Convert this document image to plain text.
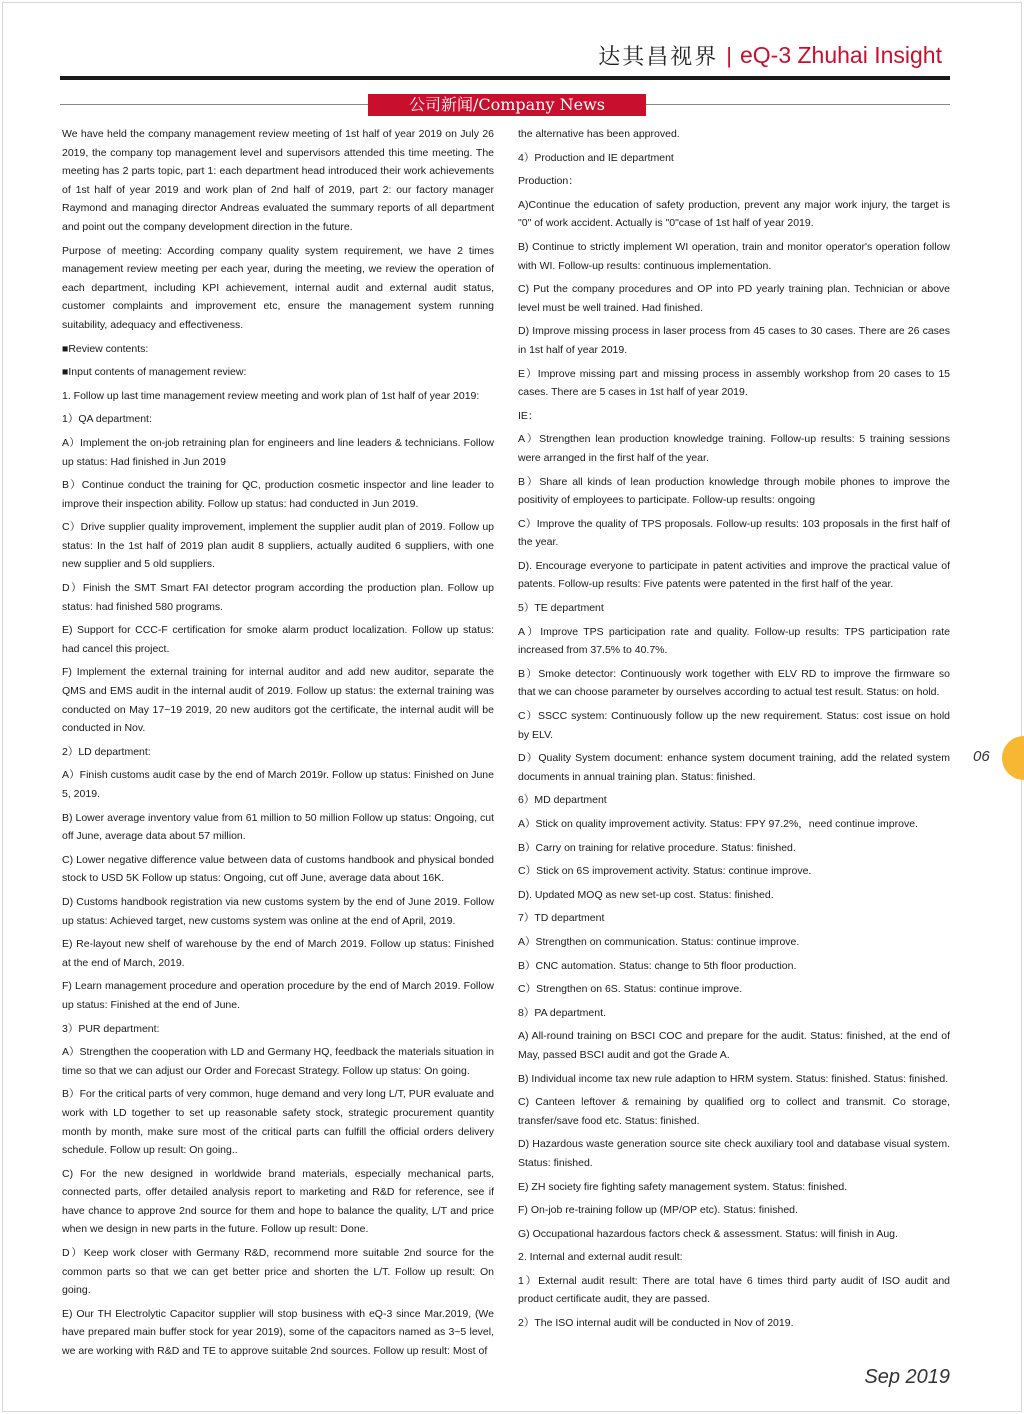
达其昌视界 | eQ-3 Zhuhai Insight
公司新闻/Company News

We have held the company management review meeting of 1st half of year 2019 on July 26 2019, the company top management level and supervisors attended this time meeting. The meeting has 2 parts topic, part 1: each department head introduced their work achievements of 1st half of year 2019 and work plan of 2nd half of 2019, part 2: our factory manager Raymond and managing director Andreas evaluated the summary reports of all department and point out the company development direction in the future.

Purpose of meeting: According company quality system requirement, we have 2 times management review meeting per each year, during the meeting, we review the operation of each department, including KPI achievement, internal audit and external audit status, customer complaints and improvement etc, ensure the management system running suitability, adequacy and effectiveness.

■Review contents:

■Input contents of management review:

1. Follow up last time management review meeting and work plan of 1st half of year 2019:

1）QA department:

A）Implement the on-job retraining plan for engineers and line leaders & technicians. Follow up status: Had finished in Jun 2019

B）Continue conduct the training for QC, production cosmetic inspector and line leader to improve their inspection ability. Follow up status: had conducted in Jun 2019.

C）Drive supplier quality improvement, implement the supplier audit plan of 2019. Follow up status: In the 1st half of 2019 plan audit 8 suppliers, actually audited 6 suppliers, with one new supplier and 5 old suppliers.

D）Finish the SMT Smart FAI detector program according the production plan. Follow up status: had finished 580 programs.

E) Support for CCC-F certification for smoke alarm product localization. Follow up status: had cancel this project.

F) Implement the external training for internal auditor and add new auditor, separate the QMS and EMS audit in the internal audit of 2019. Follow up status: the external training was conducted on May 17~19 2019, 20 new auditors got the certificate, the internal audit will be conducted in Nov.

2）LD department:

A）Finish customs audit case by the end of March 2019r. Follow up status: Finished on June 5, 2019.

B) Lower average inventory value from 61 million to 50 million Follow up status: Ongoing, cut off June, average data about 57 million.

C) Lower negative difference value between data of customs handbook and physical bonded stock to USD 5K Follow up status: Ongoing, cut off June, average data about 16K.

D) Customs handbook registration via new customs system by the end of June 2019. Follow up status: Achieved target, new customs system was online at the end of April, 2019.

E) Re-layout new shelf of warehouse by the end of March 2019. Follow up status: Finished at the end of March, 2019.

F) Learn management procedure and operation procedure by the end of March 2019. Follow up status: Finished at the end of June.

3）PUR department:

A）Strengthen the cooperation with LD and Germany HQ, feedback the materials situation in time so that we can adjust our Order and Forecast Strategy. Follow up status: On going.

B）For the critical parts of very common, huge demand and very long L/T, PUR evaluate and work with LD together to set up reasonable safety stock, strategic procurement quantity month by month, make sure most of the critical parts can fulfill the official orders delivery schedule. Follow up result: On going..

C) For the new designed in worldwide brand materials, especially mechanical parts, connected parts, offer detailed analysis report to marketing and R&D for reference, see if have chance to approve 2nd source for them and hope to balance the quality, L/T and price when we design in new parts in the future. Follow up result: Done.

D）Keep work closer with Germany R&D, recommend more suitable 2nd source for the common parts so that we can get better price and shorten the L/T. Follow up result: On going.

E) Our TH Electrolytic Capacitor supplier will stop business with eQ-3 since Mar.2019, (We have prepared main buffer stock for year 2019), some of the capacitors named as 3~5 level, we are working with R&D and TE to approve suitable 2nd sources. Follow up result: Most of

the alternative has been approved.

4）Production and IE department

Production：

A)Continue the education of safety production, prevent any major work injury, the target is "0" of work accident. Actually is "0"case of 1st half of year 2019.

B) Continue to strictly implement WI operation, train and monitor operator's operation follow with WI. Follow-up results: continuous implementation.

C) Put the company procedures and OP into PD yearly training plan. Technician or above level must be well trained. Had finished.

D) Improve missing process in laser process from 45 cases to 30 cases. There are 26 cases in 1st half of year 2019.

E）Improve missing part and missing process in assembly workshop from 20 cases to 15 cases. There are 5 cases in 1st half of year 2019.

IE：

A）Strengthen lean production knowledge training. Follow-up results: 5 training sessions were arranged in the first half of the year.

B）Share all kinds of lean production knowledge through mobile phones to improve the positivity of employees to participate. Follow-up results: ongoing

C）Improve the quality of TPS proposals. Follow-up results: 103 proposals in the first half of the year.

D). Encourage everyone to participate in patent activities and improve the practical value of patents. Follow-up results: Five patents were patented in the first half of the year.

5）TE department

A）Improve TPS participation rate and quality. Follow-up results: TPS participation rate increased from 37.5% to 40.7%.

B）Smoke detector: Continuously work together with ELV RD to improve the firmware so that we can choose parameter by ourselves according to actual test result. Status: on hold.

C）SSCC system: Continuously follow up the new requirement. Status: cost issue on hold by ELV.

D）Quality System document: enhance system document training, add the related system documents in annual training plan. Status: finished.

6）MD department

A）Stick on quality improvement activity. Status: FPY 97.2%，need continue improve.

B）Carry on training for relative procedure. Status: finished.

C）Stick on 6S improvement activity. Status: continue improve.

D). Updated MOQ as new set-up cost. Status: finished.

7）TD department

A）Strengthen on communication. Status: continue improve.

B）CNC automation. Status: change to 5th floor production.

C）Strengthen on 6S. Status: continue improve.

8）PA department.

A) All-round training on BSCI COC and prepare for the audit. Status: finished, at the end of May, passed BSCI audit and got the Grade A.

B) Individual income tax new rule adaption to HRM system. Status: finished. Status: finished.

C) Canteen leftover & remaining by qualified org to collect and transmit. Co storage, transfer/save food etc. Status: finished.

D) Hazardous waste generation source site check auxiliary tool and database visual system. Status: finished.

E) ZH society fire fighting safety management system. Status: finished.

F) On-job re-training follow up (MP/OP etc). Status: finished.

G) Occupational hazardous factors check & assessment. Status: will finish in Aug.

2. Internal and external audit result:

1）External audit result: There are total have 6 times third party audit of ISO audit and product certificate audit, they are passed.

2）The ISO internal audit will be conducted in Nov of 2019.

06
Sep 2019
